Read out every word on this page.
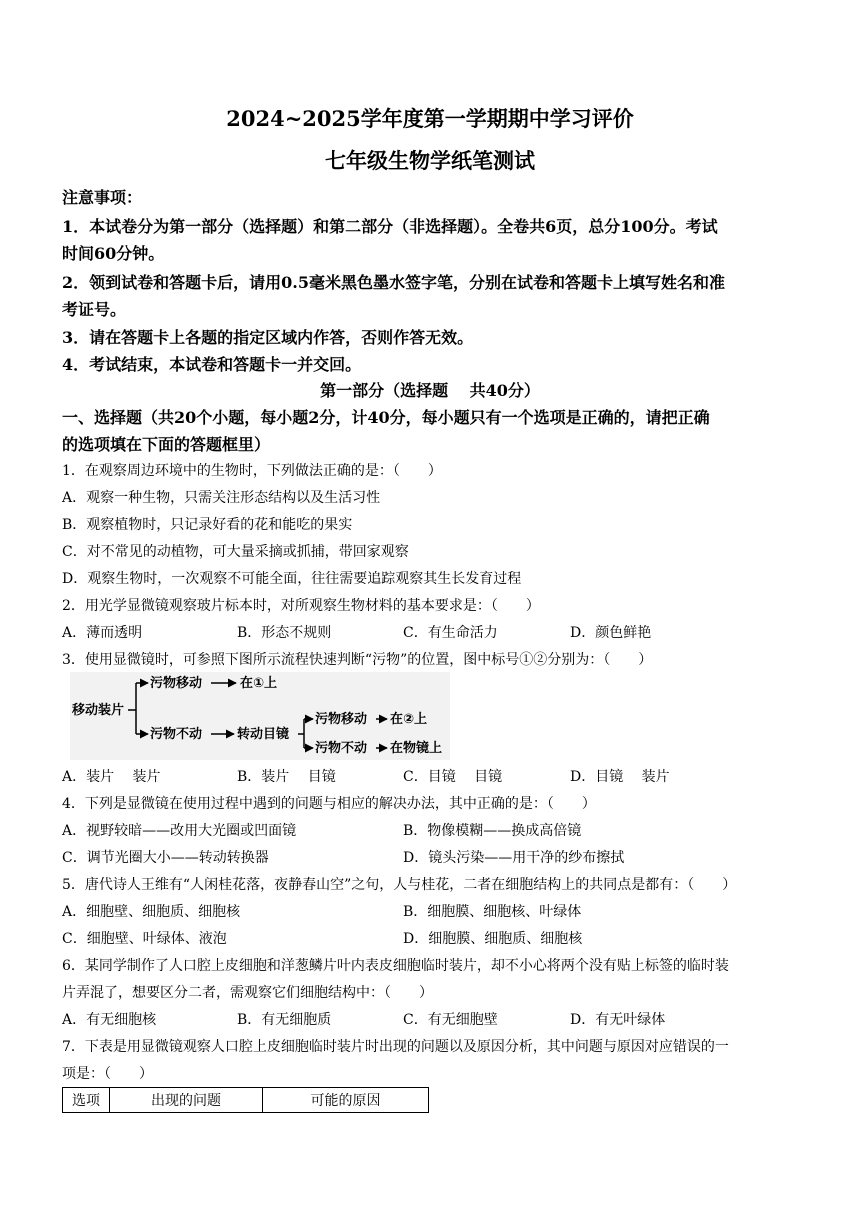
2024~2025学年度第一学期期中学习评价
七年级生物学纸笔测试
注意事项：
1．本试卷分为第一部分（选择题）和第二部分（非选择题）。全卷共6页，总分100分。考试
时间60分钟。
2．领到试卷和答题卡后，请用0.5毫米黑色墨水签字笔，分别在试卷和答题卡上填写姓名和准
考证号。
3．请在答题卡上各题的指定区域内作答，否则作答无效。
4．考试结束，本试卷和答题卡一并交回。
第一部分（选择题　 共40分）
一、选择题（共20个小题，每小题2分，计40分，每小题只有一个选项是正确的，请把正确
的选项填在下面的答题框里）
1．在观察周边环境中的生物时，下列做法正确的是：（　　）
A．观察一种生物，只需关注形态结构以及生活习性
B．观察植物时，只记录好看的花和能吃的果实
C．对不常见的动植物，可大量采摘或抓捕，带回家观察
D．观察生物时，一次观察不可能全面，往往需要追踪观察其生长发育过程
2．用光学显微镜观察玻片标本时，对所观察生物材料的基本要求是：（　　）
A．薄而透明	B．形态不规则	C．有生命活力	D．颜色鲜艳
3．使用显微镜时，可参照下图所示流程快速判断“污物”的位置，图中标号①②分别为：（　　）
移动装片
污物移动	在①上
污物不动	转动目镜
污物移动 在②上
污物不动 在物镜上
A．装片　 装片	B．装片　 目镜	C．目镜　 目镜	D．目镜　 装片
4．下列是显微镜在使用过程中遇到的问题与相应的解决办法，其中正确的是：（　　）
A．视野较暗——改用大光圈或凹面镜	B．物像模糊——换成高倍镜
C．调节光圈大小——转动转换器	D．镜头污染——用干净的纱布擦拭
5．唐代诗人王维有“人闲桂花落，夜静春山空”之句，人与桂花，二者在细胞结构上的共同点是都有：（　　）
A．细胞壁、细胞质、细胞核	B．细胞膜、细胞核、叶绿体
C．细胞壁、叶绿体、液泡	D．细胞膜、细胞质、细胞核
6．某同学制作了人口腔上皮细胞和洋葱鳞片叶内表皮细胞临时装片，却不小心将两个没有贴上标签的临时装
片弄混了，想要区分二者，需观察它们细胞结构中：（　　）
A．有无细胞核	B．有无细胞质	C．有无细胞壁	D．有无叶绿体
7．下表是用显微镜观察人口腔上皮细胞临时装片时出现的问题以及原因分析，其中问题与原因对应错误的一
项是：（　　）
选项	出现的问题	可能的原因
